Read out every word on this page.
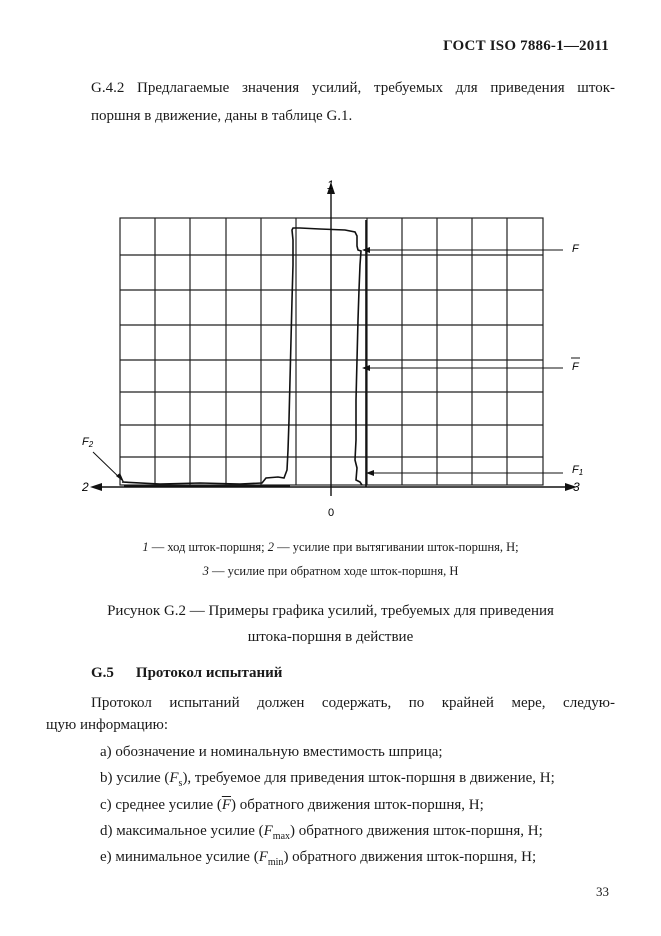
ГОСТ ISO 7886-1—2011
G.4.2 Предлагаемые значения усилий, требуемых для приведения шток-
поршня в движение, даны в таблице G.1.
1
2	3
0
F
F
F1
F2
1 — ход шток-поршня; 2 — усилие при вытягивании шток-поршня, Н;
3 — усилие при обратном ходе шток-поршня, Н
Рисунок G.2 — Примеры графика усилий, требуемых для приведения
штока-поршня в действие
G.5 Протокол испытаний
Протокол испытаний должен содержать, по крайней мере, следую-
щую информацию:
а) обозначение и номинальную вместимость шприца;
b) усилие $(F_s)$, требуемое для приведения шток-поршня в движение, Н;
c) среднее усилие $(\overline{F})$ обратного движения шток-поршня, Н;
d) максимальное усилие $(F_{max})$ обратного движения шток-поршня, Н;
e) минимальное усилие $(F_{min})$ обратного движения шток-поршня, Н;
33
